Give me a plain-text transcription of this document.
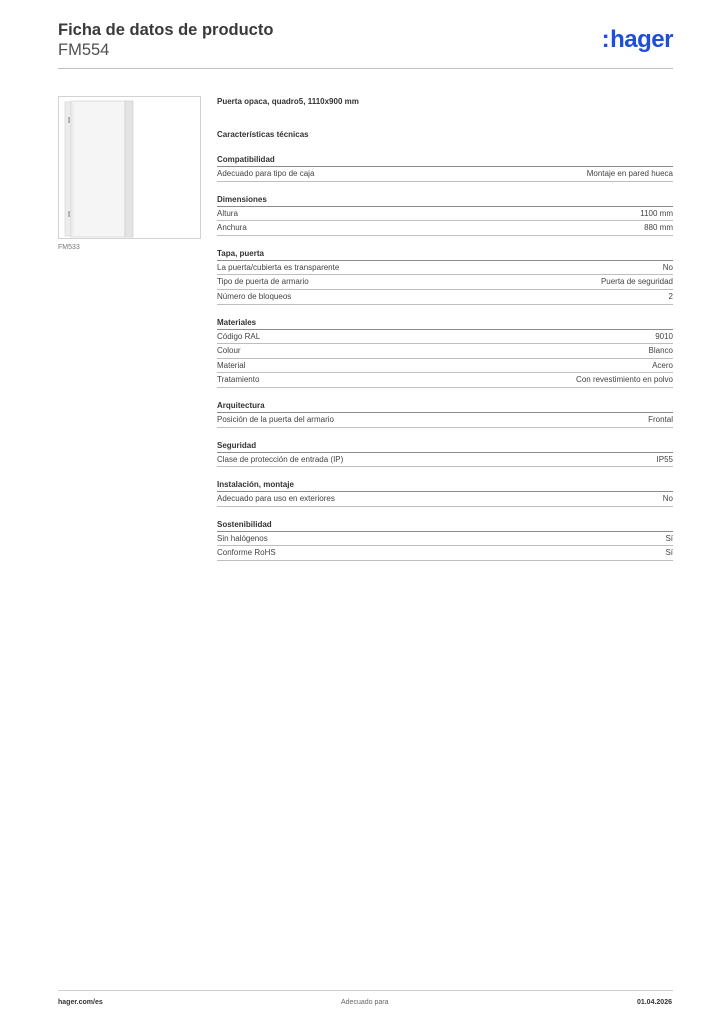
Ficha de datos de producto
FM554	:hager
FM533
Puerta opaca, quadro5, 1110x900 mm
Características técnicas
Compatibilidad
Adecuado para tipo de caja	Montaje en pared hueca
Dimensiones
Altura	1100 mm
Anchura	880 mm
Tapa, puerta
La puerta/cubierta es transparente	No
Tipo de puerta de armario	Puerta de seguridad
Número de bloqueos	2
Materiales
Código RAL	9010
Colour	Blanco
Material	Acero
Tratamiento	Con revestimiento en polvo
Arquitectura
Posición de la puerta del armario	Frontal
Seguridad
Clase de protección de entrada (IP)	IP55
Instalación, montaje
Adecuado para uso en exteriores	No
Sostenibilidad
Sin halógenos	Sí
Conforme RoHS	Sí
hager.com/es	Adecuado para	01.04.2026
